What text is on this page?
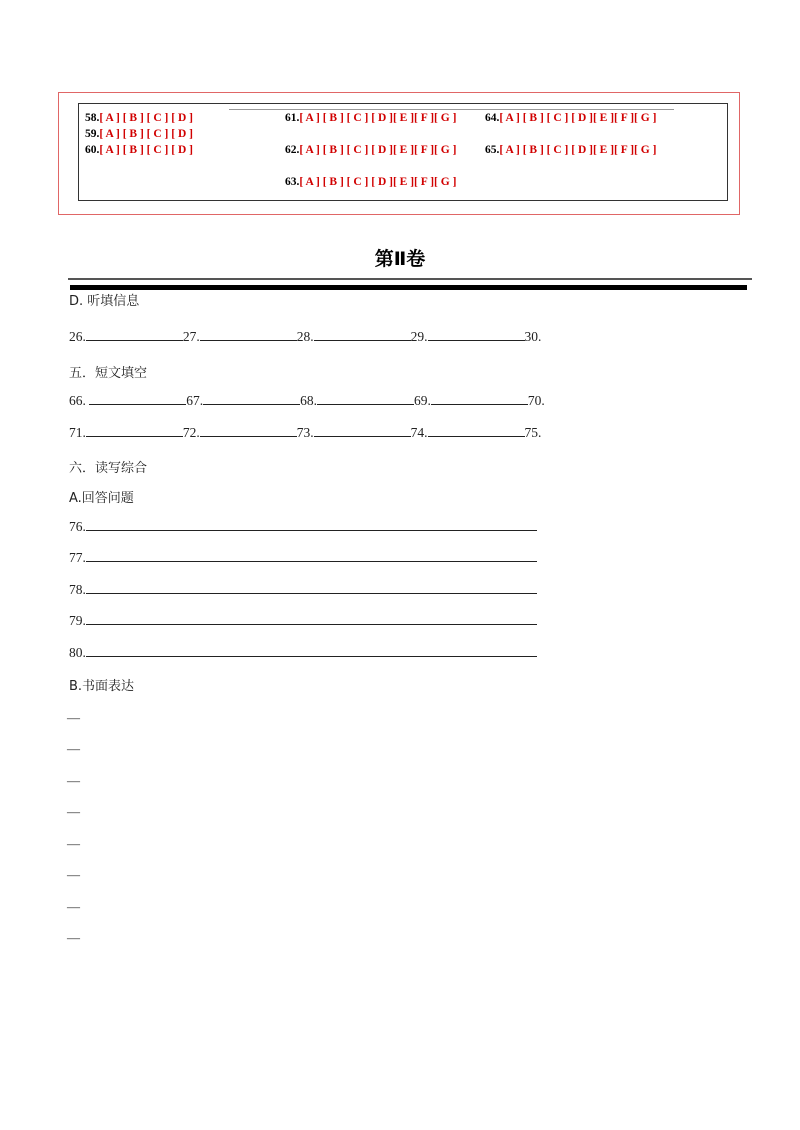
58.[ A ] [ B ] [ C ] [ D ]
59.[ A ] [ B ] [ C ] [ D ]
60.[ A ] [ B ] [ C ] [ D ]
61.[ A ] [ B ] [ C ] [ D ][ E ][ F ][ G ]
62.[ A ] [ B ] [ C ] [ D ][ E ][ F ][ G ]
63.[ A ] [ B ] [ C ] [ D ][ E ][ F ][ G ]
64.[ A ] [ B ] [ C ] [ D ][ E ][ F ][ G ]
65.[ A ] [ B ] [ C ] [ D ][ E ][ F ][ G ]
第Ⅱ卷
D. 听填信息
26.	27.	28.	29.	30.
五．短文填空
66.	67.	68.	69.	70.
71.	72.	73.	74.	75.
六．读写综合
A.回答问题
76.
77.
78.
79.
80.
B.书面表达
—
—
—
—
—
—
—
—
